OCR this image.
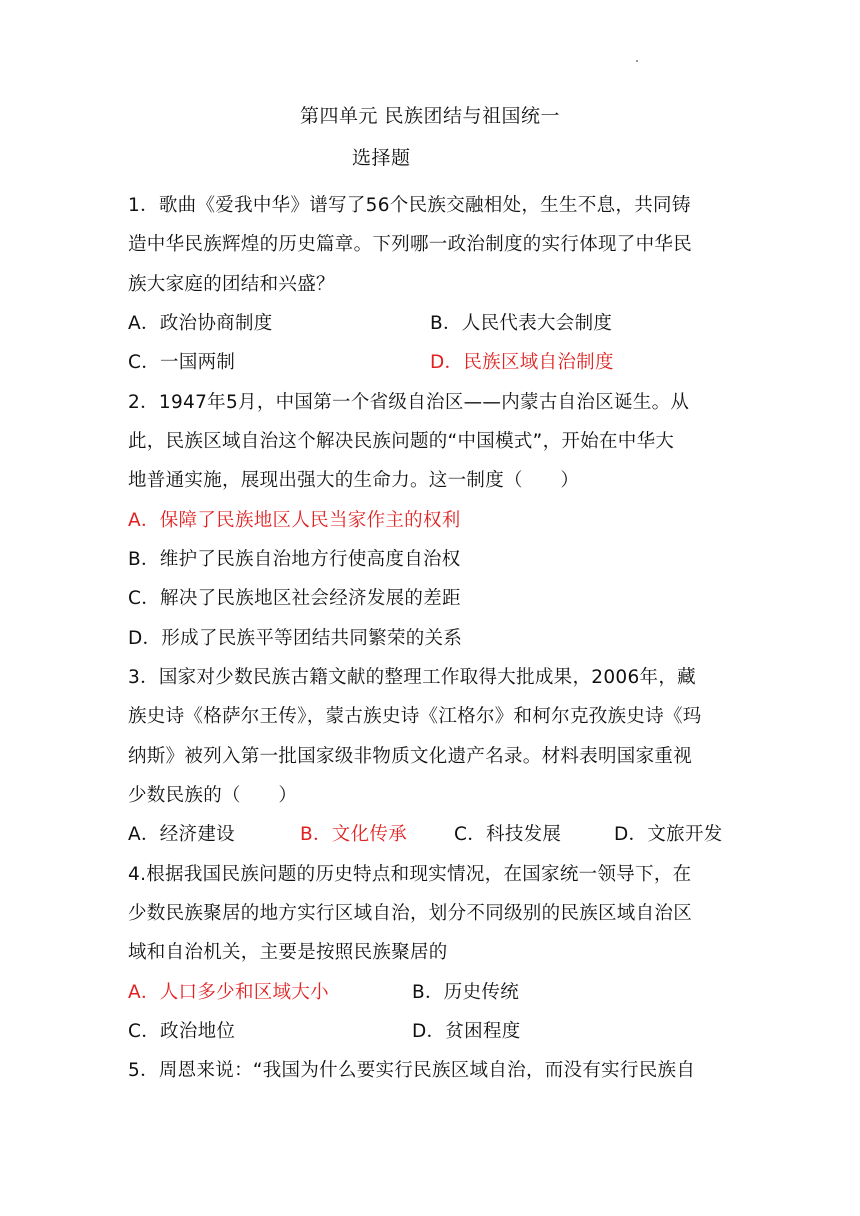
第四单元 民族团结与祖国统一
选择题
1．歌曲《爱我中华》谱写了56个民族交融相处，生生不息，共同铸
造中华民族辉煌的历史篇章。下列哪一政治制度的实行体现了中华民
族大家庭的团结和兴盛？
A．政治协商制度	B．人民代表大会制度
C．一国两制	D．民族区域自治制度
2．1947年5月，中国第一个省级自治区——内蒙古自治区诞生。从
此，民族区域自治这个解决民族问题的“中国模式”，开始在中华大
地普通实施，展现出强大的生命力。这一制度（　　）
A．保障了民族地区人民当家作主的权利
B．维护了民族自治地方行使高度自治权
C．解决了民族地区社会经济发展的差距
D．形成了民族平等团结共同繁荣的关系
3．国家对少数民族古籍文献的整理工作取得大批成果，2006年，藏
族史诗《格萨尔王传》，蒙古族史诗《江格尔》和柯尔克孜族史诗《玛
纳斯》被列入第一批国家级非物质文化遗产名录。材料表明国家重视
少数民族的（　　）
A．经济建设	B．文化传承	C．科技发展	D．文旅开发
4.根据我国民族问题的历史特点和现实情况，在国家统一领导下，在
少数民族聚居的地方实行区域自治，划分不同级别的民族区域自治区
域和自治机关，主要是按照民族聚居的
A．人口多少和区域大小	B．历史传统
C．政治地位	D．贫困程度
5．周恩来说：“我国为什么要实行民族区域自治，而没有实行民族自
